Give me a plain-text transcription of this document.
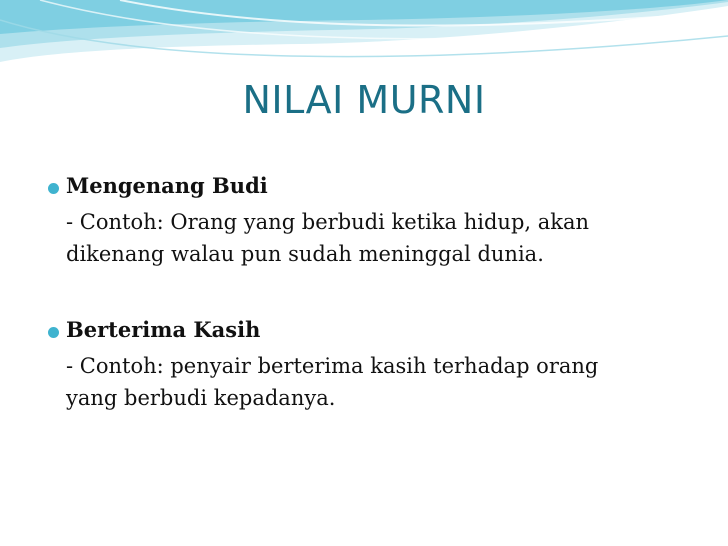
NILAI MURNI
Mengenang Budi
- Contoh: Orang yang berbudi ketika hidup, akan
dikenang walau pun sudah meninggal dunia.
Berterima Kasih
- Contoh: penyair berterima kasih terhadap orang
yang berbudi kepadanya.
